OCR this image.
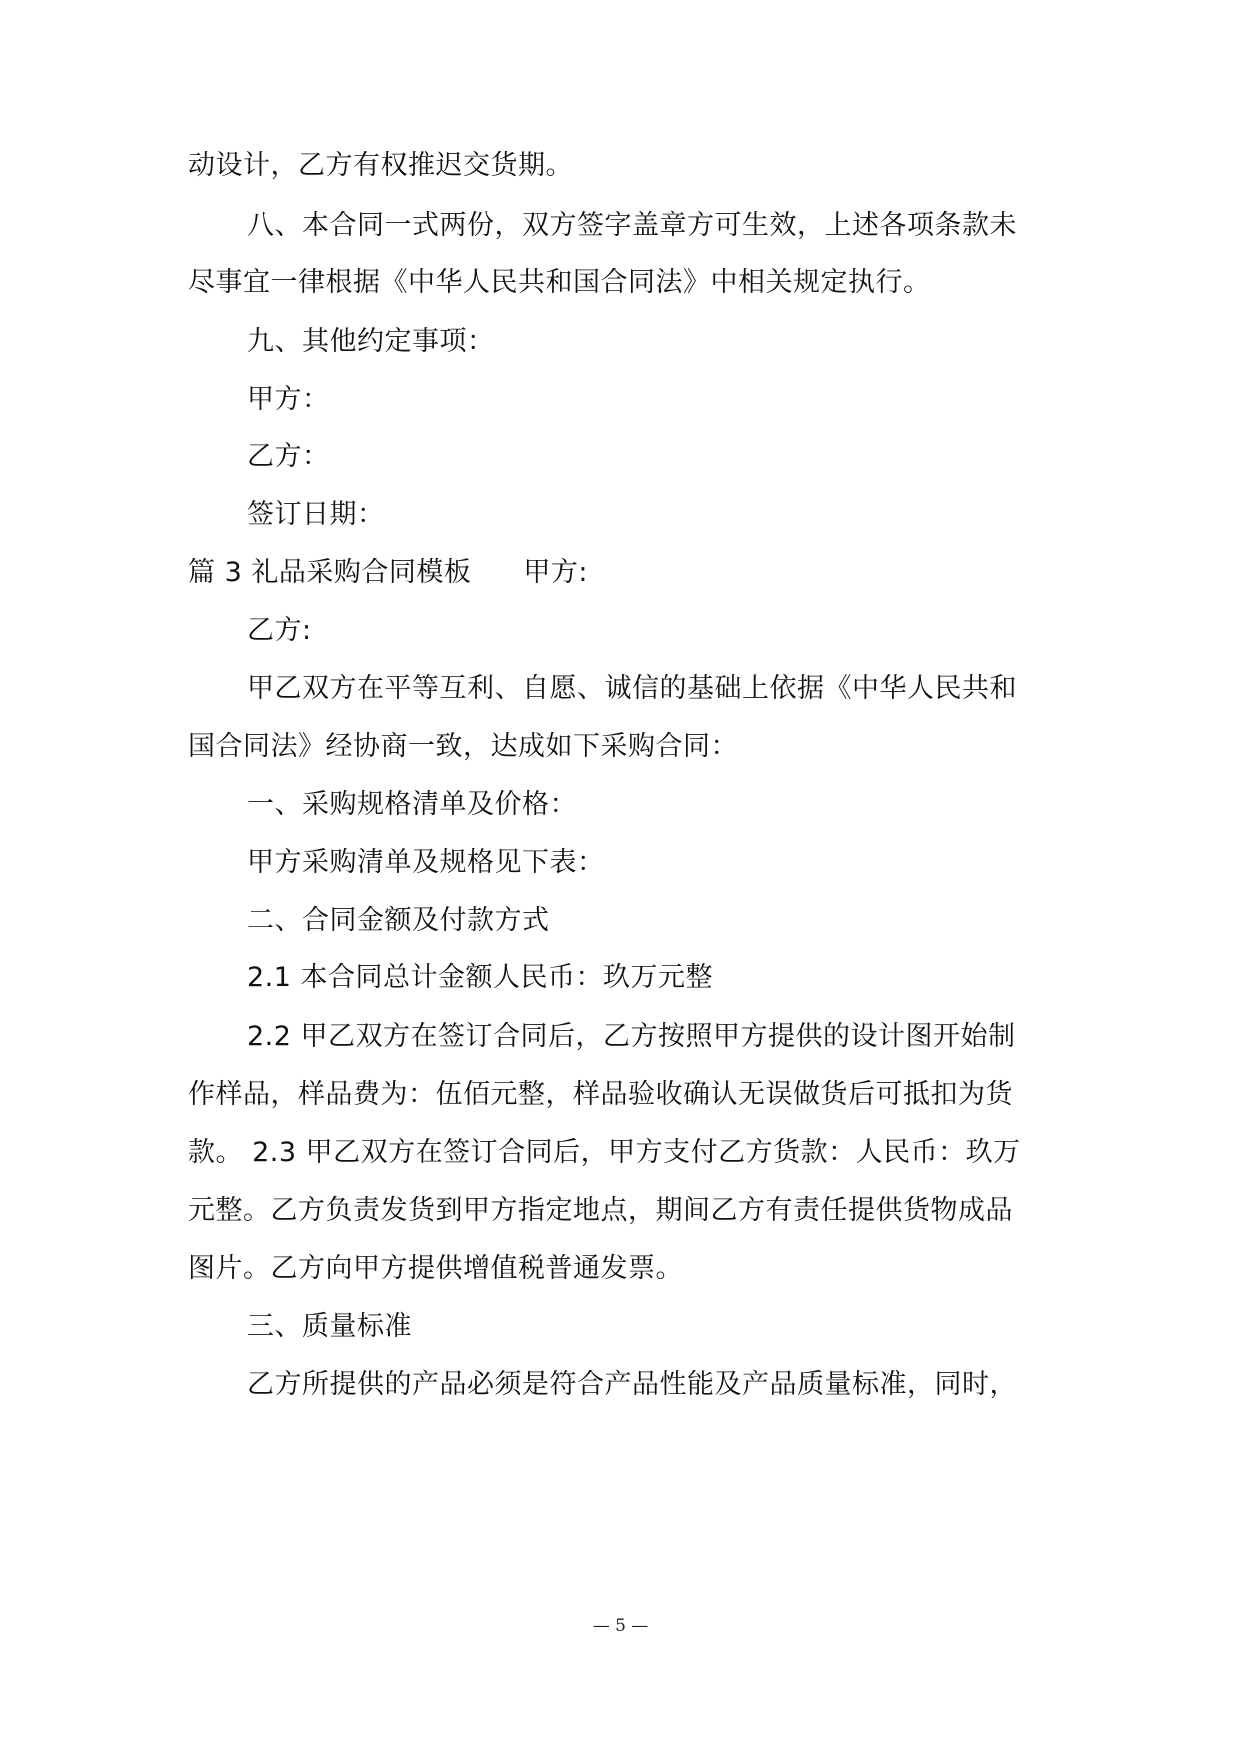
动设计，乙方有权推迟交货期。
八、本合同一式两份，双方签字盖章方可生效，上述各项条款未
尽事宜一律根据《中华人民共和国合同法》中相关规定执行。
九、其他约定事项：
甲方：
乙方：
签订日期：
篇 3 礼品采购合同模板 甲方:
乙方:
甲乙双方在平等互利、自愿、诚信的基础上依据《中华人民共和
国合同法》经协商一致，达成如下采购合同：
一、采购规格清单及价格：
甲方采购清单及规格见下表：
二、合同金额及付款方式
2.1 本合同总计金额人民币：玖万元整
2.2 甲乙双方在签订合同后，乙方按照甲方提供的设计图开始制
作样品，样品费为：伍佰元整，样品验收确认无误做货后可抵扣为货
款。 2.3 甲乙双方在签订合同后，甲方支付乙方货款：人民币：玖万
元整。乙方负责发货到甲方指定地点，期间乙方有责任提供货物成品
图片。乙方向甲方提供增值税普通发票。
三、质量标准
乙方所提供的产品必须是符合产品性能及产品质量标准，同时，
— 5 —
